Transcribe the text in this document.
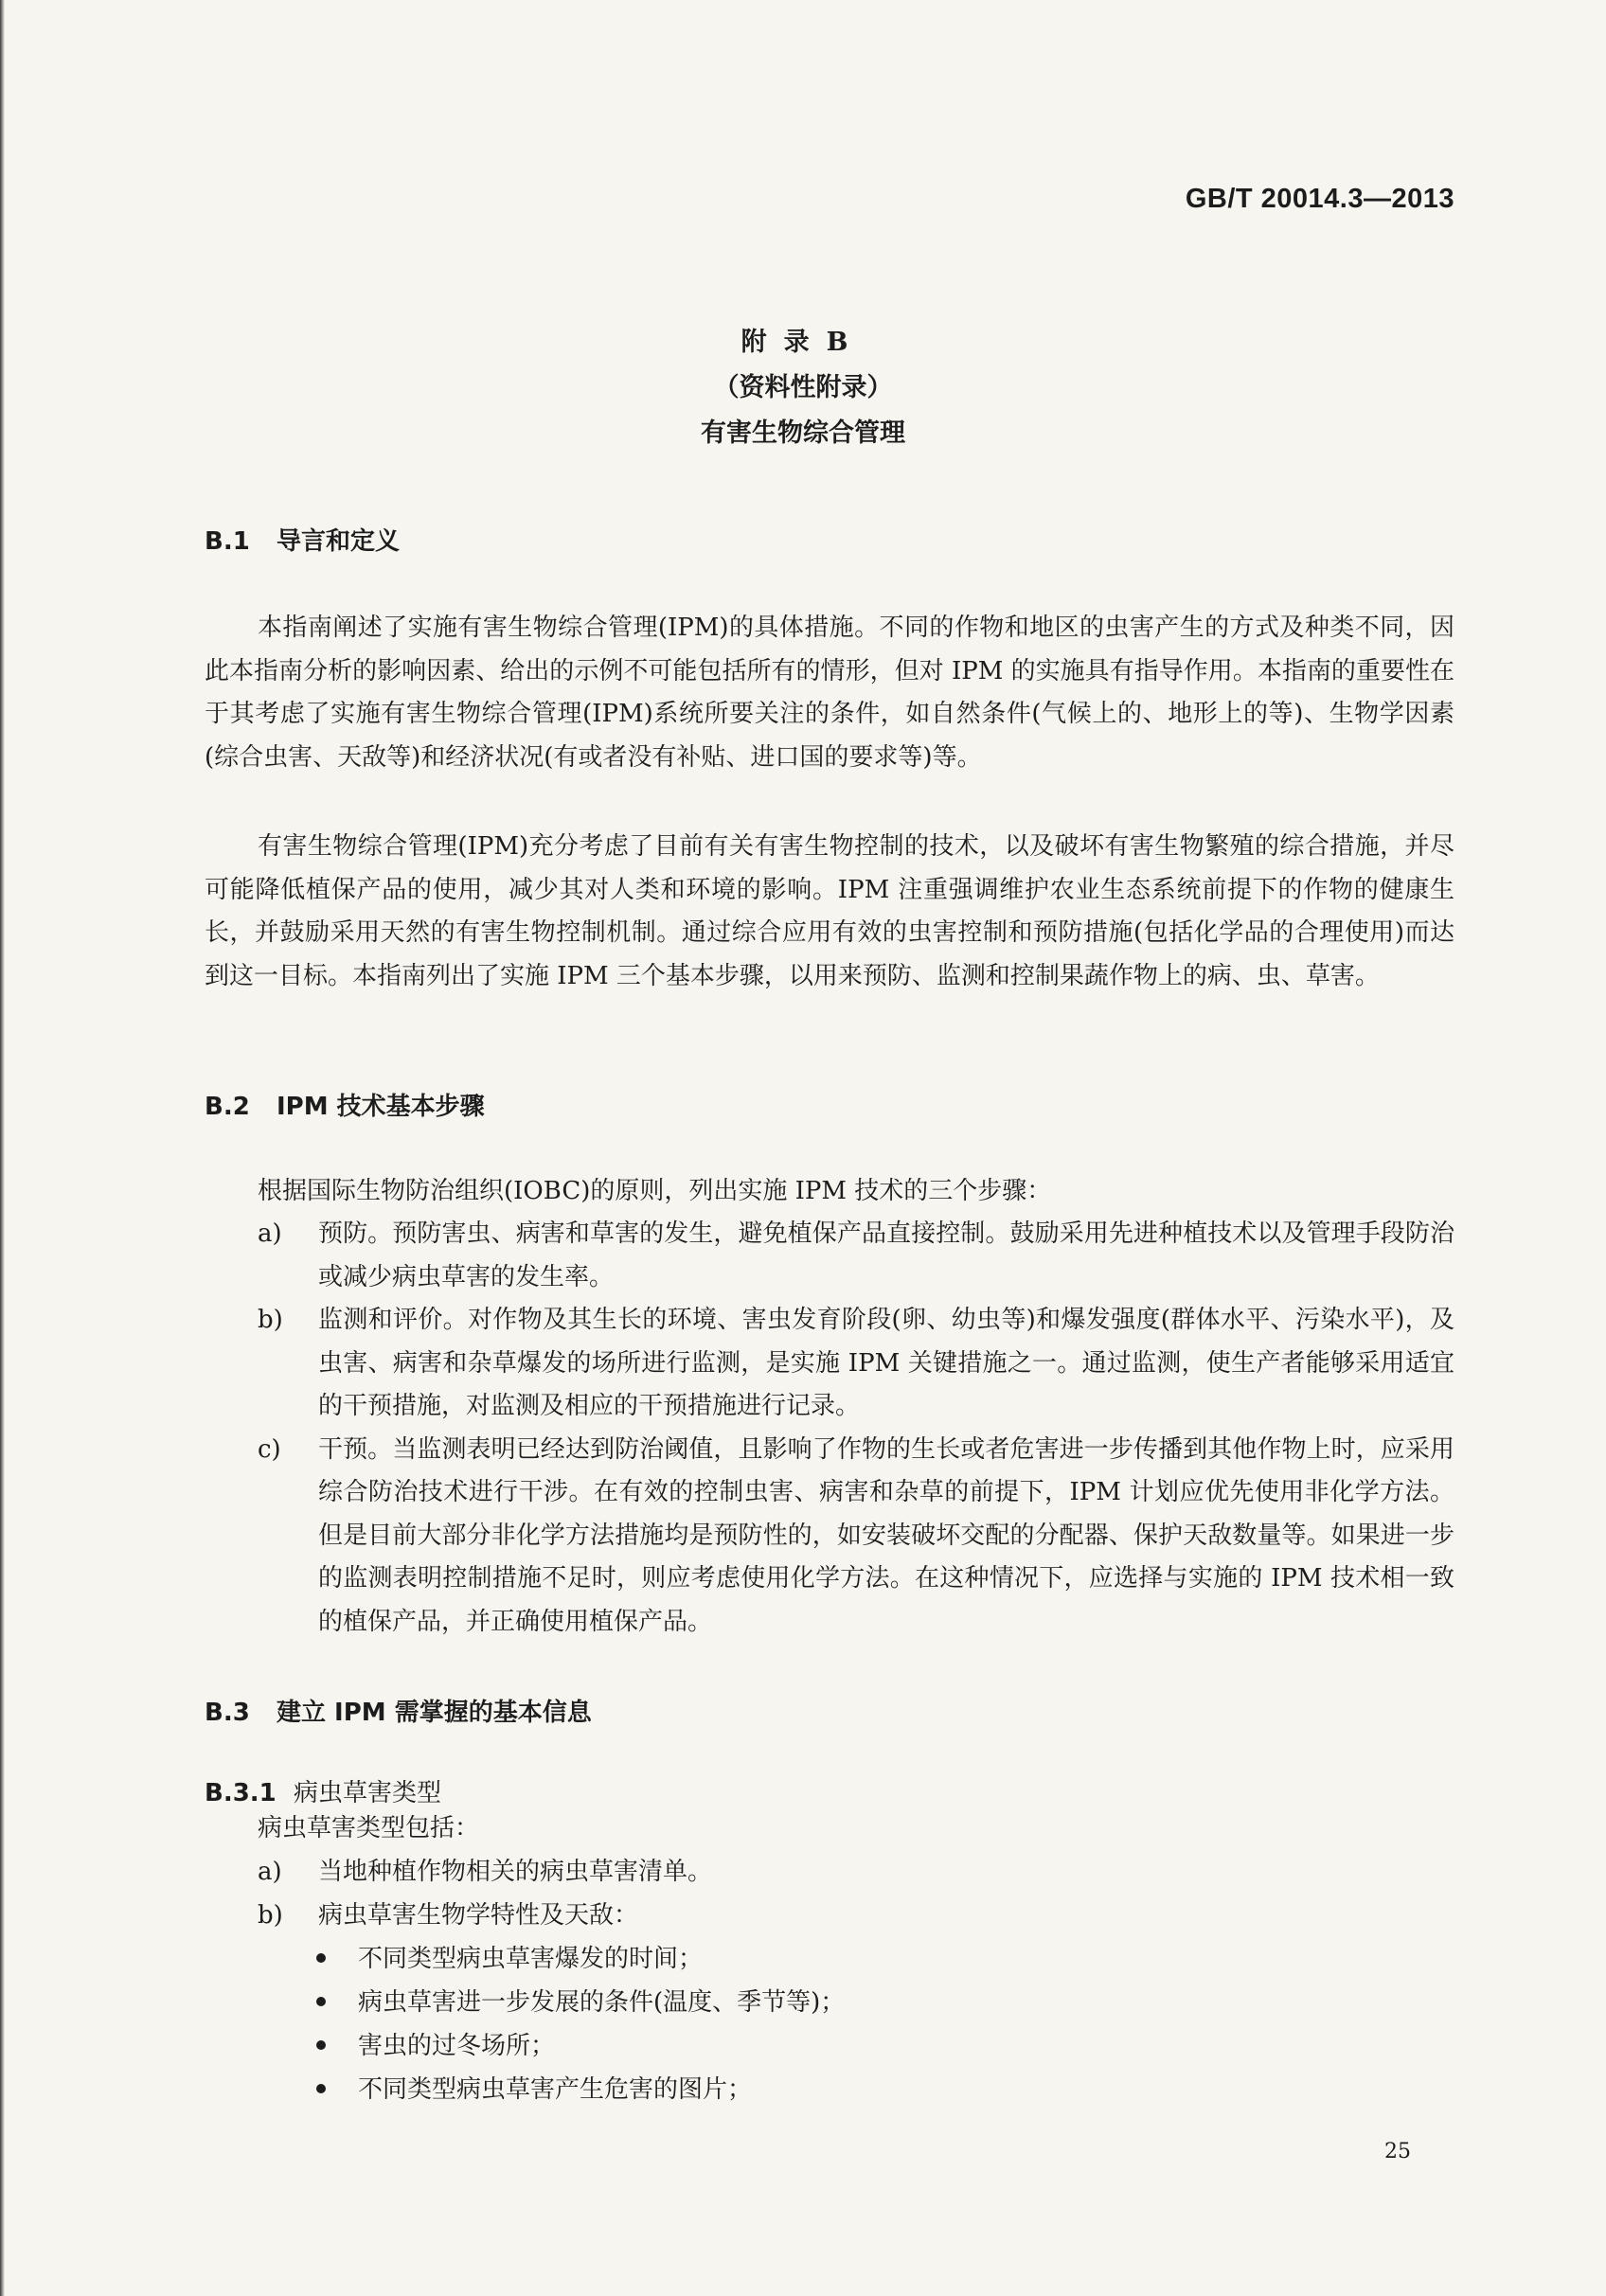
GB/T 20014.3—2013
附录B
（资料性附录）
有害生物综合管理
B.1 导言和定义

本指南阐述了实施有害生物综合管理(IPM)的具体措施。不同的作物和地区的虫害产生的方式及种类不同，因此本指南分析的影响因素、给出的示例不可能包括所有的情形，但对 IPM 的实施具有指导作用。本指南的重要性在于其考虑了实施有害生物综合管理(IPM)系统所要关注的条件，如自然条件(气候上的、地形上的等)、生物学因素(综合虫害、天敌等)和经济状况(有或者没有补贴、进口国的要求等)等。

有害生物综合管理(IPM)充分考虑了目前有关有害生物控制的技术，以及破坏有害生物繁殖的综合措施，并尽可能降低植保产品的使用，减少其对人类和环境的影响。IPM 注重强调维护农业生态系统前提下的作物的健康生长，并鼓励采用天然的有害生物控制机制。通过综合应用有效的虫害控制和预防措施(包括化学品的合理使用)而达到这一目标。本指南列出了实施 IPM 三个基本步骤，以用来预防、监测和控制果蔬作物上的病、虫、草害。

B.2 IPM 技术基本步骤
根据国际生物防治组织(IOBC)的原则，列出实施 IPM 技术的三个步骤：
a) 预防。预防害虫、病害和草害的发生，避免植保产品直接控制。鼓励采用先进种植技术以及管理手段防治或减少病虫草害的发生率。
b) 监测和评价。对作物及其生长的环境、害虫发育阶段(卵、幼虫等)和爆发强度(群体水平、污染水平)，及虫害、病害和杂草爆发的场所进行监测，是实施 IPM 关键措施之一。通过监测，使生产者能够采用适宜的干预措施，对监测及相应的干预措施进行记录。
c) 干预。当监测表明已经达到防治阈值，且影响了作物的生长或者危害进一步传播到其他作物上时，应采用综合防治技术进行干涉。在有效的控制虫害、病害和杂草的前提下，IPM 计划应优先使用非化学方法。但是目前大部分非化学方法措施均是预防性的，如安装破坏交配的分配器、保护天敌数量等。如果进一步的监测表明控制措施不足时，则应考虑使用化学方法。在这种情况下，应选择与实施的 IPM 技术相一致的植保产品，并正确使用植保产品。
B.3 建立 IPM 需掌握的基本信息
B.3.1 病虫草害类型
病虫草害类型包括：
a) 当地种植作物相关的病虫草害清单。
b) 病虫草害生物学特性及天敌：
不同类型病虫草害爆发的时间；
病虫草害进一步发展的条件(温度、季节等)；
害虫的过冬场所；
不同类型病虫草害产生危害的图片；
25
